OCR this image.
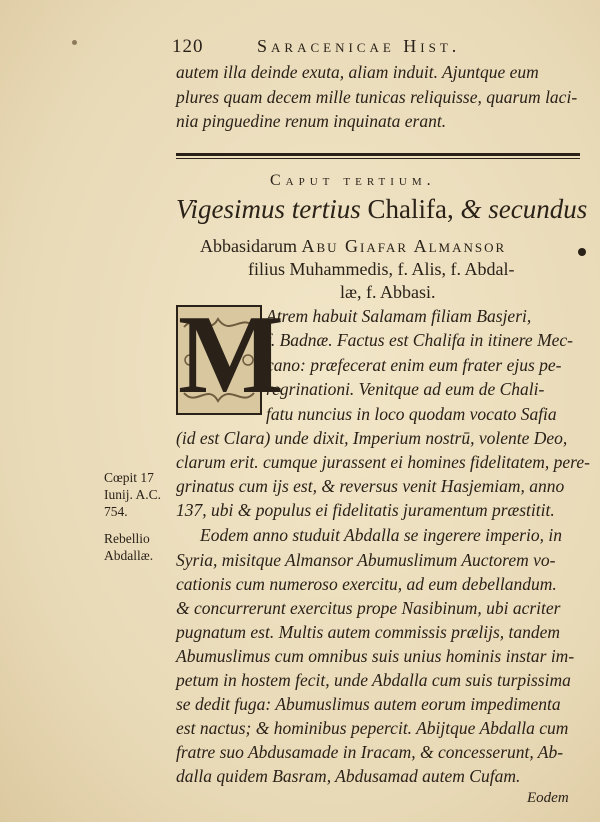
120	Saracenicae Hist.
autem illa deinde exuta, aliam induit. Ajuntque eum
plures quam decem mille tunicas reliquisse, quarum laci-
nia pinguedine renum inquinata erant.
Caput tertium.
Vigesimus tertius Chalifa, & secundus
Abbasidarum Abu Giafar Almansor
filius Muhammedis, f. Alis, f. Abdal-
læ, f. Abbasi.
M
Atrem habuit Salamam filiam Basjeri,
f. Badnæ. Factus est Chalifa in itinere Mec-
cano: præfecerat enim eum frater ejus pe-
regrinationi. Venitque ad eum de Chali-
fatu nuncius in loco quodam vocato Safia
(id est Clara) unde dixit, Imperium nostrū, volente Deo,
clarum erit. cumque jurassent ei homines fidelitatem, pere-
grinatus cum ijs est, & reversus venit Hasjemiam, anno
137, ubi & populus ei fidelitatis juramentum præstitit.
Eodem anno studuit Abdalla se ingerere imperio, in
Syria, misitque Almansor Abumuslimum Auctorem vo-
cationis cum numeroso exercitu, ad eum debellandum.
& concurrerunt exercitus prope Nasibinum, ubi acriter
pugnatum est. Multis autem commissis prælijs, tandem
Abumuslimus cum omnibus suis unius hominis instar im-
petum in hostem fecit, unde Abdalla cum suis turpissima
se dedit fuga: Abumuslimus autem eorum impedimenta
est nactus; & hominibus pepercit. Abijtque Abdalla cum
fratre suo Abdusamade in Iracam, & concesserunt, Ab-
dalla quidem Basram, Abdusamad autem Cufam.
Eodem
Cœpit 17
Iunij. A.C.
754.
Rebellio
Abdallæ.
